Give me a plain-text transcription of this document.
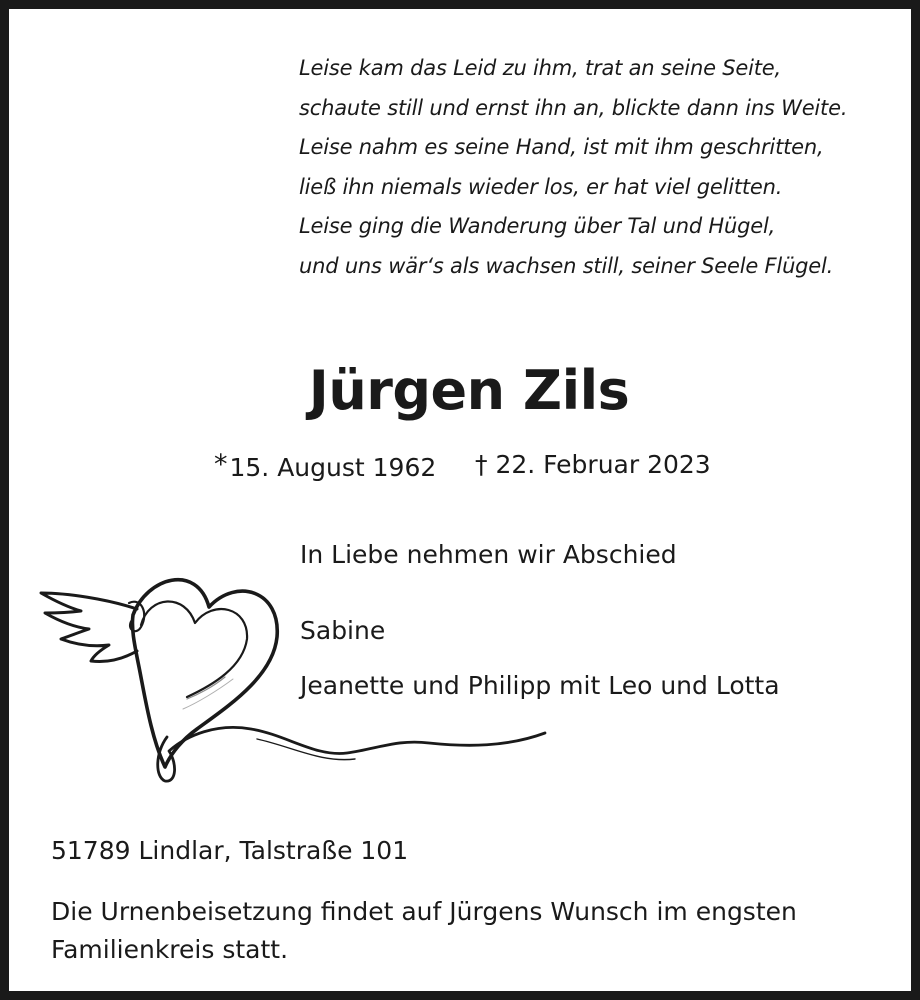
Leise kam das Leid zu ihm, trat an seine Seite,
schaute still und ernst ihn an, blickte dann ins Weite.
Leise nahm es seine Hand, ist mit ihm geschritten,
ließ ihn niemals wieder los, er hat viel gelitten.
Leise ging die Wanderung über Tal und Hügel,
und uns wär‘s als wachsen still, seiner Seele Flügel.
Jürgen Zils
*15. August 1962 † 22. Februar 2023
In Liebe nehmen wir Abschied
Sabine
Jeanette und Philipp mit Leo und Lotta
51789 Lindlar, Talstraße 101
Die Urnenbeisetzung findet auf Jürgens Wunsch im engsten Familienkreis statt.
